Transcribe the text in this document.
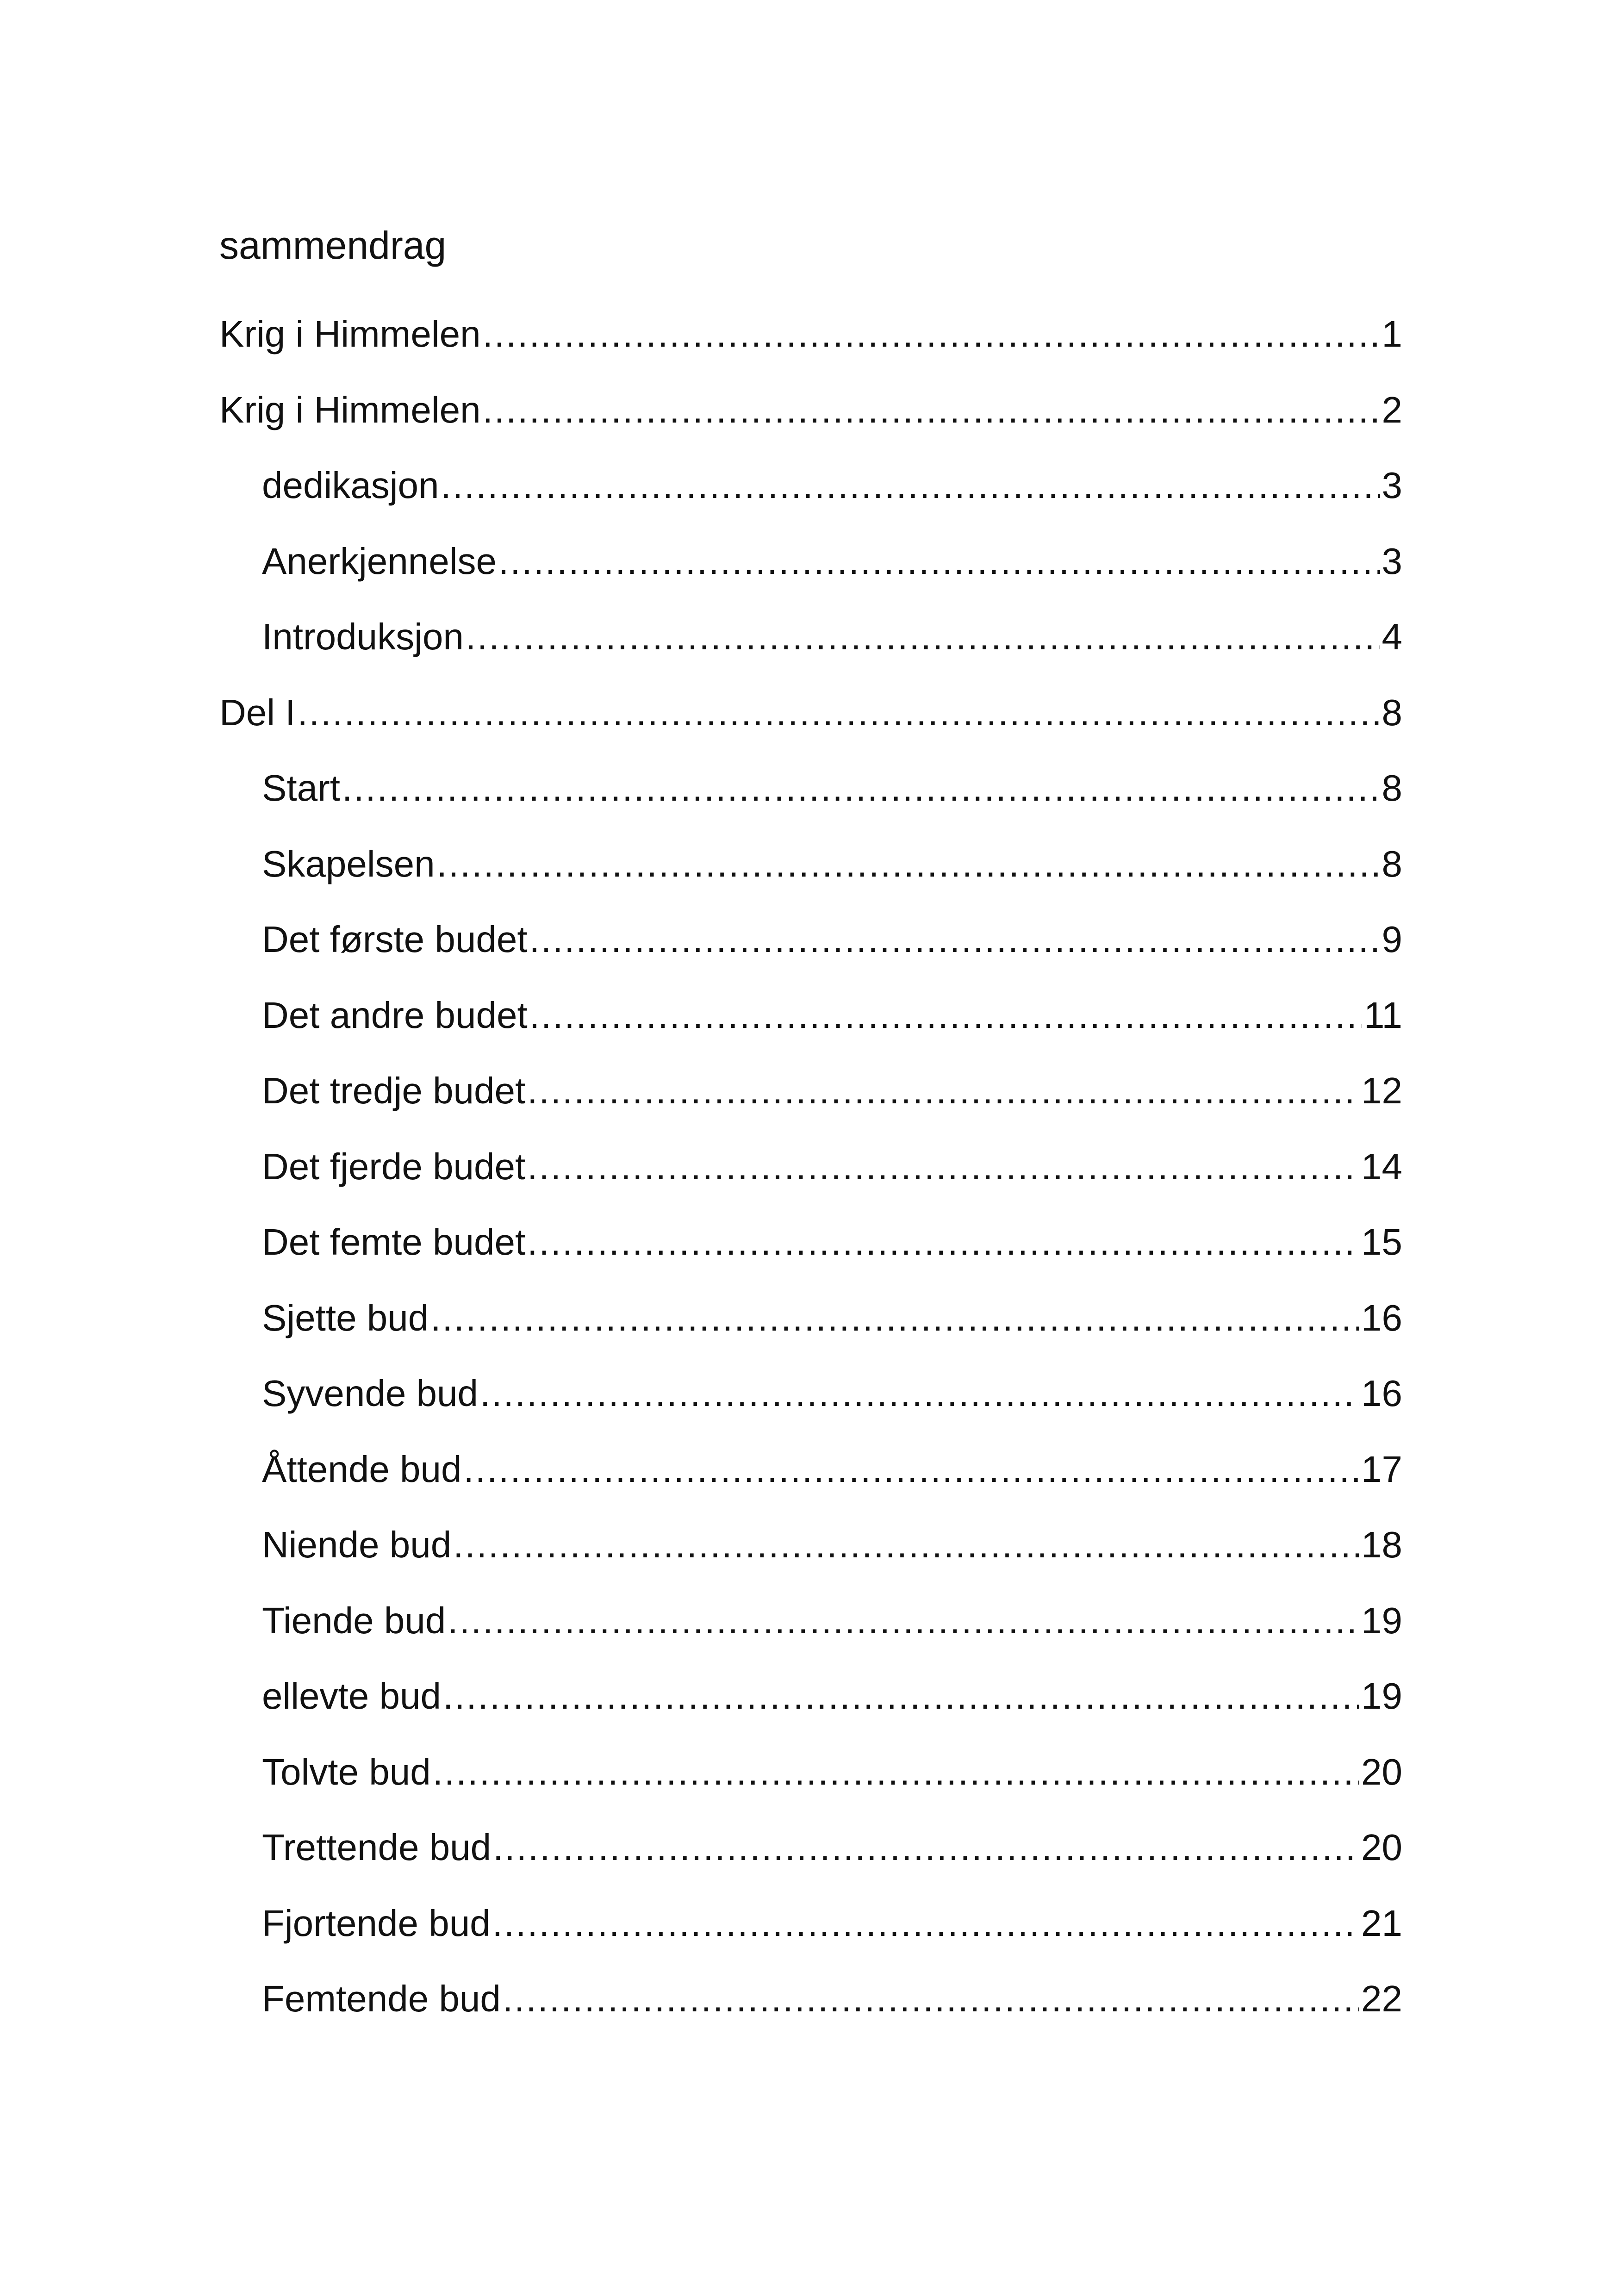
sammendrag
Krig i Himmelen .....	1
Krig i Himmelen .....	2
dedikasjon .....	3
Anerkjennelse .....	3
Introduksjon .....	4
Del I .....	8
Start .....	8
Skapelsen .....	8
Det første budet .....	9
Det andre budet .....	11
Det tredje budet .....	12
Det fjerde budet .....	14
Det femte budet .....	15
Sjette bud .....	16
Syvende bud .....	16
Åttende bud .....	17
Niende bud .....	18
Tiende bud .....	19
ellevte bud .....	19
Tolvte bud .....	20
Trettende bud .....	20
Fjortende bud .....	21
Femtende bud .....	22
